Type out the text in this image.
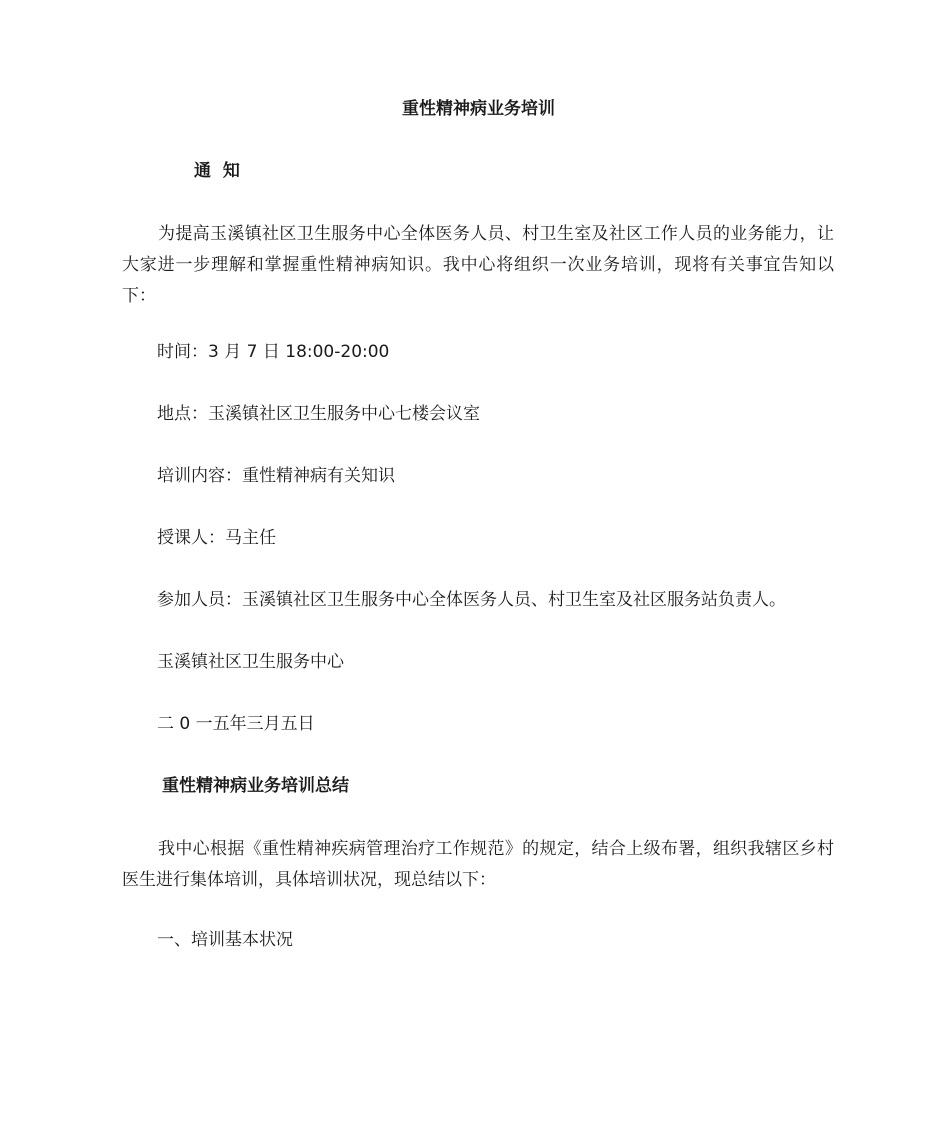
重性精神病业务培训
通  知
为提高玉溪镇社区卫生服务中心全体医务人员、村卫生室及社区工作人员的业务能力，让大家进一步理解和掌握重性精神病知识。我中心将组织一次业务培训，现将有关事宜告知以下：
时间：3 月 7 日 18:00-20:00
地点：玉溪镇社区卫生服务中心七楼会议室
培训内容：重性精神病有关知识
授课人：马主任
参加人员：玉溪镇社区卫生服务中心全体医务人员、村卫生室及社区服务站负责人。
玉溪镇社区卫生服务中心
二 0 一五年三月五日
重性精神病业务培训总结
我中心根据《重性精神疾病管理治疗工作规范》的规定，结合上级布署，组织我辖区乡村医生进行集体培训，具体培训状况，现总结以下：
一、培训基本状况
